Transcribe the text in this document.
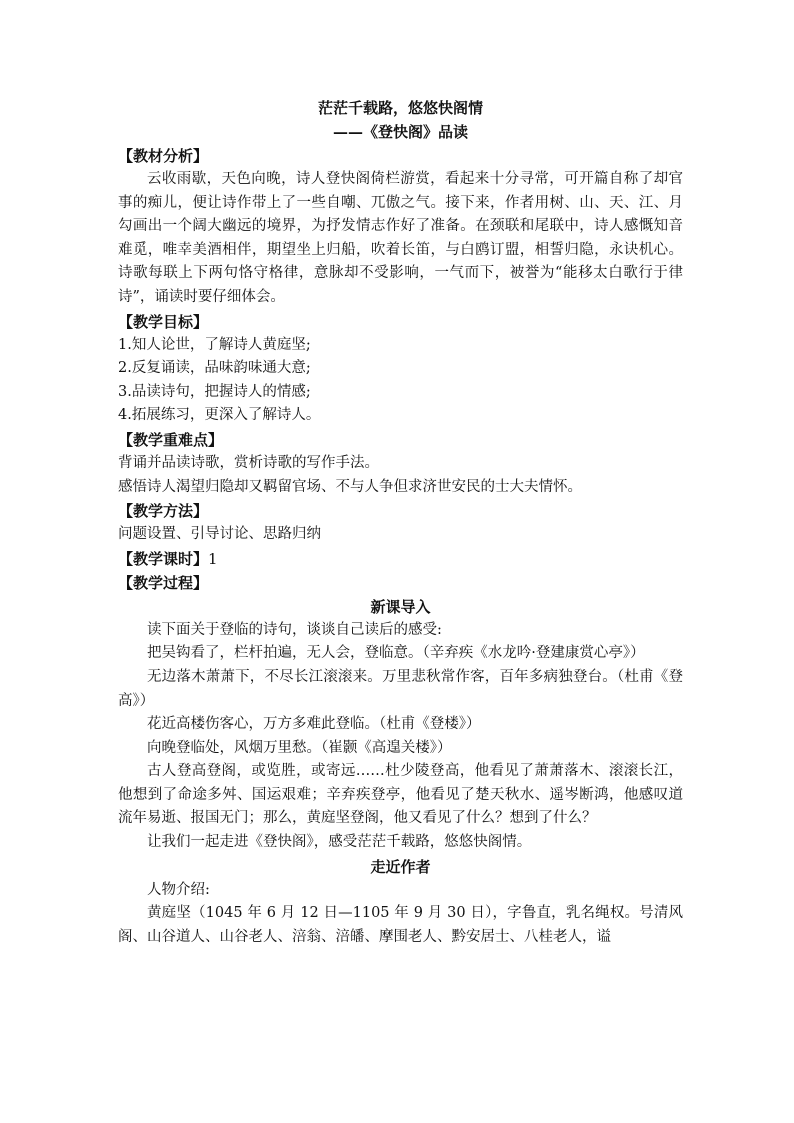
茫茫千载路，悠悠快阁情

——《登快阁》品读

【教材分析】

云收雨歇，天色向晚，诗人登快阁倚栏游赏，看起来十分寻常，可开篇自称了却官事的痴儿，便让诗作带上了一些自嘲、兀傲之气。接下来，作者用树、山、天、江、月勾画出一个阔大幽远的境界，为抒发情志作好了准备。在颈联和尾联中，诗人感慨知音难觅，唯幸美酒相伴，期望坐上归船，吹着长笛，与白鸥订盟，相誓归隐，永诀机心。诗歌每联上下两句恪守格律，意脉却不受影响，一气而下，被誉为“能移太白歌行于律诗”，诵读时要仔细体会。

【教学目标】

1.知人论世，了解诗人黄庭坚;
2.反复诵读，品味韵味通大意;
3.品读诗句，把握诗人的情感;
4.拓展练习，更深入了解诗人。

【教学重难点】

背诵并品读诗歌，赏析诗歌的写作手法。

感悟诗人渴望归隐却又羁留官场、不与人争但求济世安民的士大夫情怀。

【教学方法】

问题设置、引导讨论、思路归纳

【教学课时】1

【教学过程】

新课导入

读下面关于登临的诗句，谈谈自己读后的感受:

把吴钩看了，栏杆拍遍，无人会，登临意。（辛弃疾《水龙吟·登建康赏心亭》）

无边落木萧萧下，不尽长江滚滚来。万里悲秋常作客，百年多病独登台。（杜甫《登高》）

花近高楼伤客心，万方多难此登临。（杜甫《登楼》）

向晚登临处，风烟万里愁。（崔颢《高遑关楼》）

古人登高登阁，或览胜，或寄远……杜少陵登高，他看见了萧萧落木、滚滚长江，他想到了命途多舛、国运艰难；辛弃疾登亭，他看见了楚天秋水、遥岑断鸿，他感叹道流年易逝、报国无门；那么，黄庭坚登阁，他又看见了什么？想到了什么？

让我们一起走进《登快阁》，感受茫茫千载路，悠悠快阁情。

走近作者

人物介绍:

黄庭坚（1045 年 6 月 12 日—1105 年 9 月 30 日），字鲁直，乳名绳权。号清风阁、山谷道人、山谷老人、涪翁、涪皤、摩围老人、黔安居士、八桂老人，谥
